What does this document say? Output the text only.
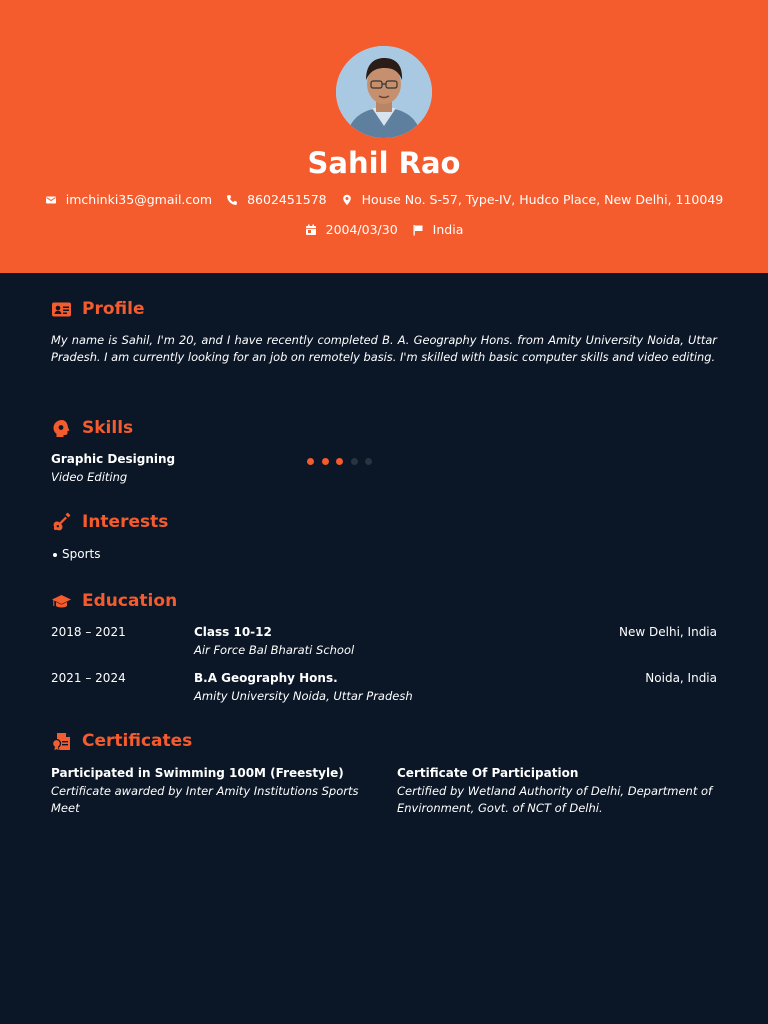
Sahil Rao
imchinki35@gmail.com	8602451578	House No. S-57, Type-IV, Hudco Place, New Delhi, 110049
2004/03/30	India
Profile
My name is Sahil, I'm 20, and I have recently completed B. A. Geography Hons. from Amity University Noida, Uttar Pradesh. I am currently looking for an job on remotely basis. I'm skilled with basic computer skills and video editing.
Skills
Graphic Designing
Video Editing
Interests
Sports
Education
2018 – 2021	Class 10-12
Air Force Bal Bharati School
New Delhi, India
2021 – 2024	B.A Geography Hons.
Amity University Noida, Uttar Pradesh
Noida, India
Certificates
Participated in Swimming 100M (Freestyle)
Certificate awarded by Inter Amity Institutions Sports Meet
Certificate Of Participation
Certified by Wetland Authority of Delhi, Department of Environment, Govt. of NCT of Delhi.
